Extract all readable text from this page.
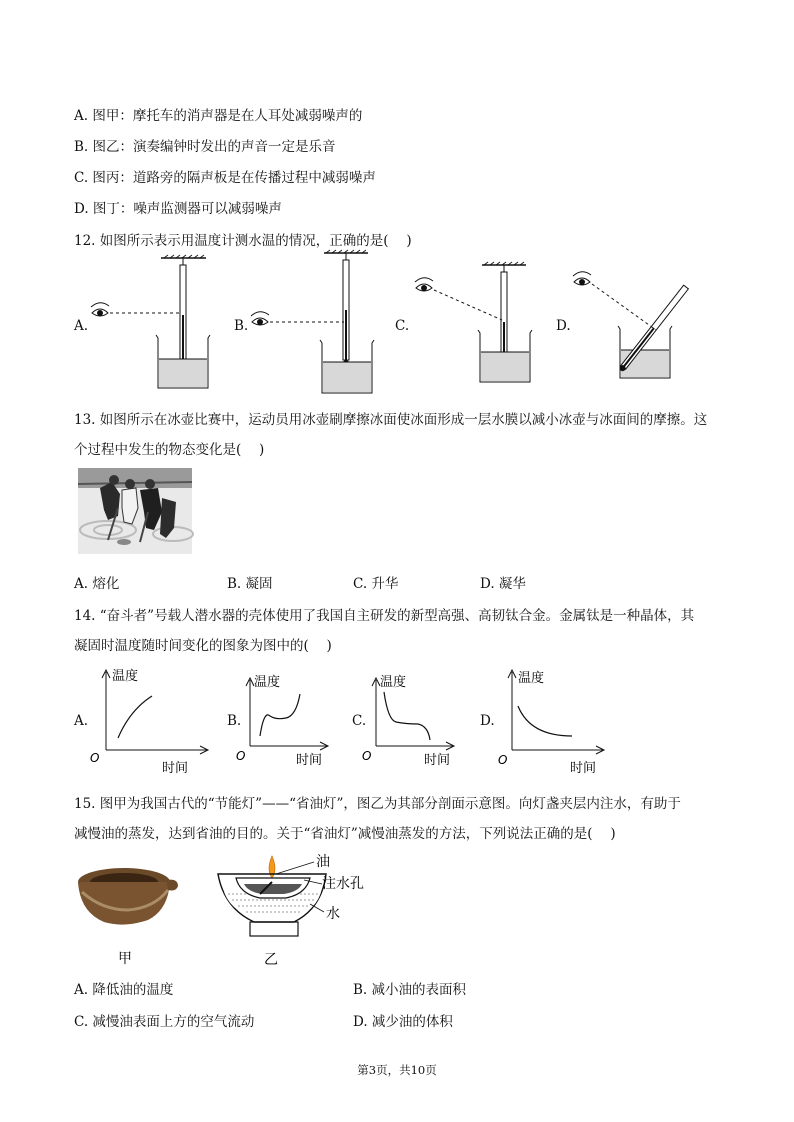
A. 图甲：摩托车的消声器是在人耳处减弱噪声的
B. 图乙：演奏编钟时发出的声音一定是乐音
C. 图丙：道路旁的隔声板是在传播过程中减弱噪声
D. 图丁：噪声监测器可以减弱噪声
12. 如图所示表示用温度计测水温的情况，正确的是(　 )
A.	B.	C.	D.
13. 如图所示在冰壶比赛中，运动员用冰壶刷摩擦冰面使冰面形成一层水膜以减小冰壶与冰面间的摩擦。这
个过程中发生的物态变化是(　 )
A. 熔化	B. 凝固	C. 升华	D. 凝华
14. “奋斗者”号载人潜水器的壳体使用了我国自主研发的新型高强、高韧钛合金。金属钛是一种晶体，其
凝固时温度随时间变化的图象为图中的(　 )
A.	B.	C.	D.
温度
时间
O
温度
时间
O
温度
时间
O
温度
时间
O
15. 图甲为我国古代的“节能灯”——“省油灯”，图乙为其部分剖面示意图。向灯盏夹层内注水，有助于
减慢油的蒸发，达到省油的目的。关于“省油灯”减慢油蒸发的方法，下列说法正确的是(　 )
甲
油
注水孔
水
乙
A. 降低油的温度	B. 减小油的表面积
C. 减慢油表面上方的空气流动	D. 减少油的体积
第3页，共10页
